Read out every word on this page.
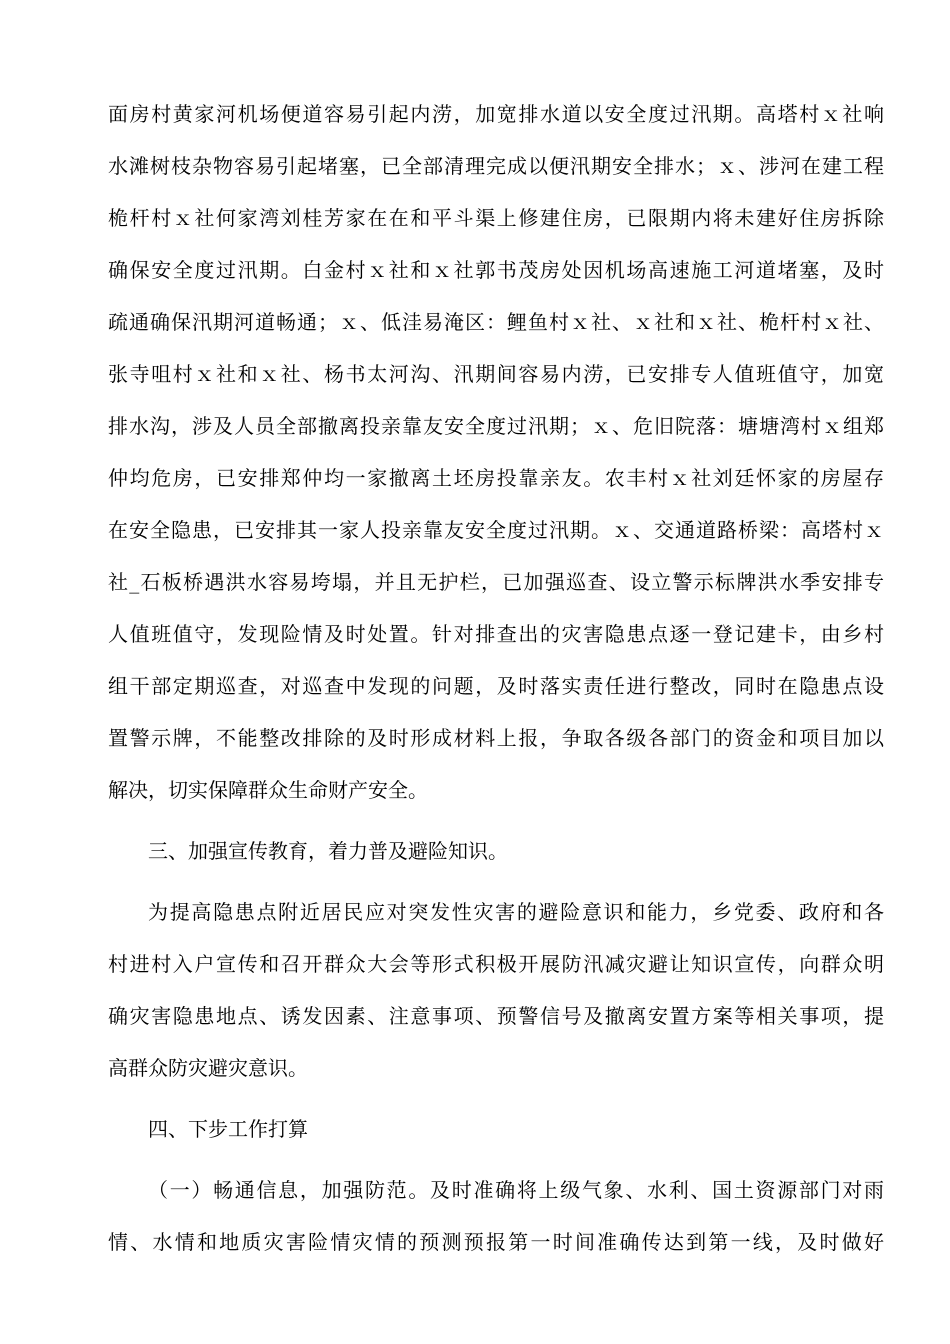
面房村黄家河机场便道容易引起内涝，加宽排水道以安全度过汛期。高塔村ｘ社响
水滩树枝杂物容易引起堵塞，已全部清理完成以便汛期安全排水；ｘ、涉河在建工程
桅杆村ｘ社何家湾刘桂芳家在在和平斗渠上修建住房，已限期内将未建好住房拆除
确保安全度过汛期。白金村ｘ社和ｘ社郭书茂房处因机场高速施工河道堵塞，及时
疏通确保汛期河道畅通；ｘ、低洼易淹区：鲤鱼村ｘ社、ｘ社和ｘ社、桅杆村ｘ社、
张寺咀村ｘ社和ｘ社、杨书太河沟、汛期间容易内涝，已安排专人值班值守，加宽
排水沟，涉及人员全部撤离投亲靠友安全度过汛期；ｘ、危旧院落：塘塘湾村ｘ组郑
仲均危房，已安排郑仲均一家撤离土坯房投靠亲友。农丰村ｘ社刘廷怀家的房屋存
在安全隐患，已安排其一家人投亲靠友安全度过汛期。ｘ、交通道路桥梁：高塔村ｘ
社_石板桥遇洪水容易垮塌，并且无护栏，已加强巡查、设立警示标牌洪水季安排专
人值班值守，发现险情及时处置。针对排查出的灾害隐患点逐一登记建卡，由乡村
组干部定期巡查，对巡查中发现的问题，及时落实责任进行整改，同时在隐患点设
置警示牌，不能整改排除的及时形成材料上报，争取各级各部门的资金和项目加以
解决，切实保障群众生命财产安全。
三、加强宣传教育，着力普及避险知识。
为提高隐患点附近居民应对突发性灾害的避险意识和能力，乡党委、政府和各
村进村入户宣传和召开群众大会等形式积极开展防汛减灾避让知识宣传，向群众明
确灾害隐患地点、诱发因素、注意事项、预警信号及撤离安置方案等相关事项，提
高群众防灾避灾意识。
四、下步工作打算
（一）畅通信息，加强防范。及时准确将上级气象、水利、国土资源部门对雨
情、水情和地质灾害险情灾情的预测预报第一时间准确传达到第一线，及时做好
